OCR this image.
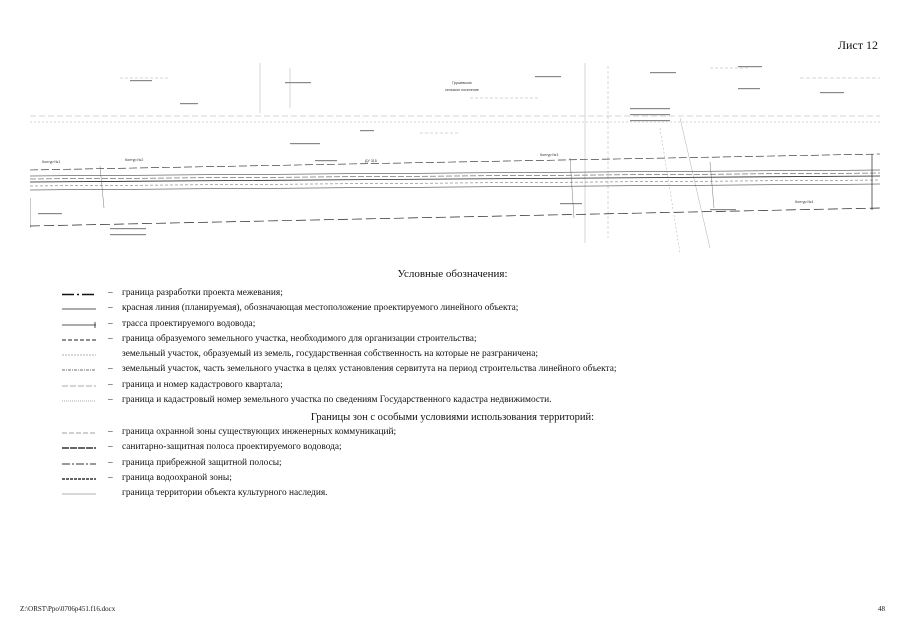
Лист 12
Грушевское
сельское поселение
Контур №1	Контур №2	ДУ 315
Контур №3
Контур №4
Условные обозначения:
– граница разработки проекта межевания;
– красная линия (планируемая), обозначающая местоположение проектируемого линейного объекта;
– трасса проектируемого водовода;
– граница образуемого земельного участка, необходимого для организации строительства;
земельный участок, образуемый из земель, государственная собственность на которые не разграничена;
– земельный участок, часть земельного участка в целях установления сервитута на период строительства линейного объекта;
– граница и номер кадастрового квартала;
– граница и кадастровый номер земельного участка по сведениям Государственного кадастра недвижимости.
Границы зон с особыми условиями использования территорий:
– граница охранной зоны существующих инженерных коммуникаций;
– санитарно-защитная полоса проектируемого водовода;
– граница прибрежной защитной полосы;
– граница водоохраной зоны;
граница территории объекта культурного наследия.
Z:\ORST\Ppo\0706p451.f16.docx	48
